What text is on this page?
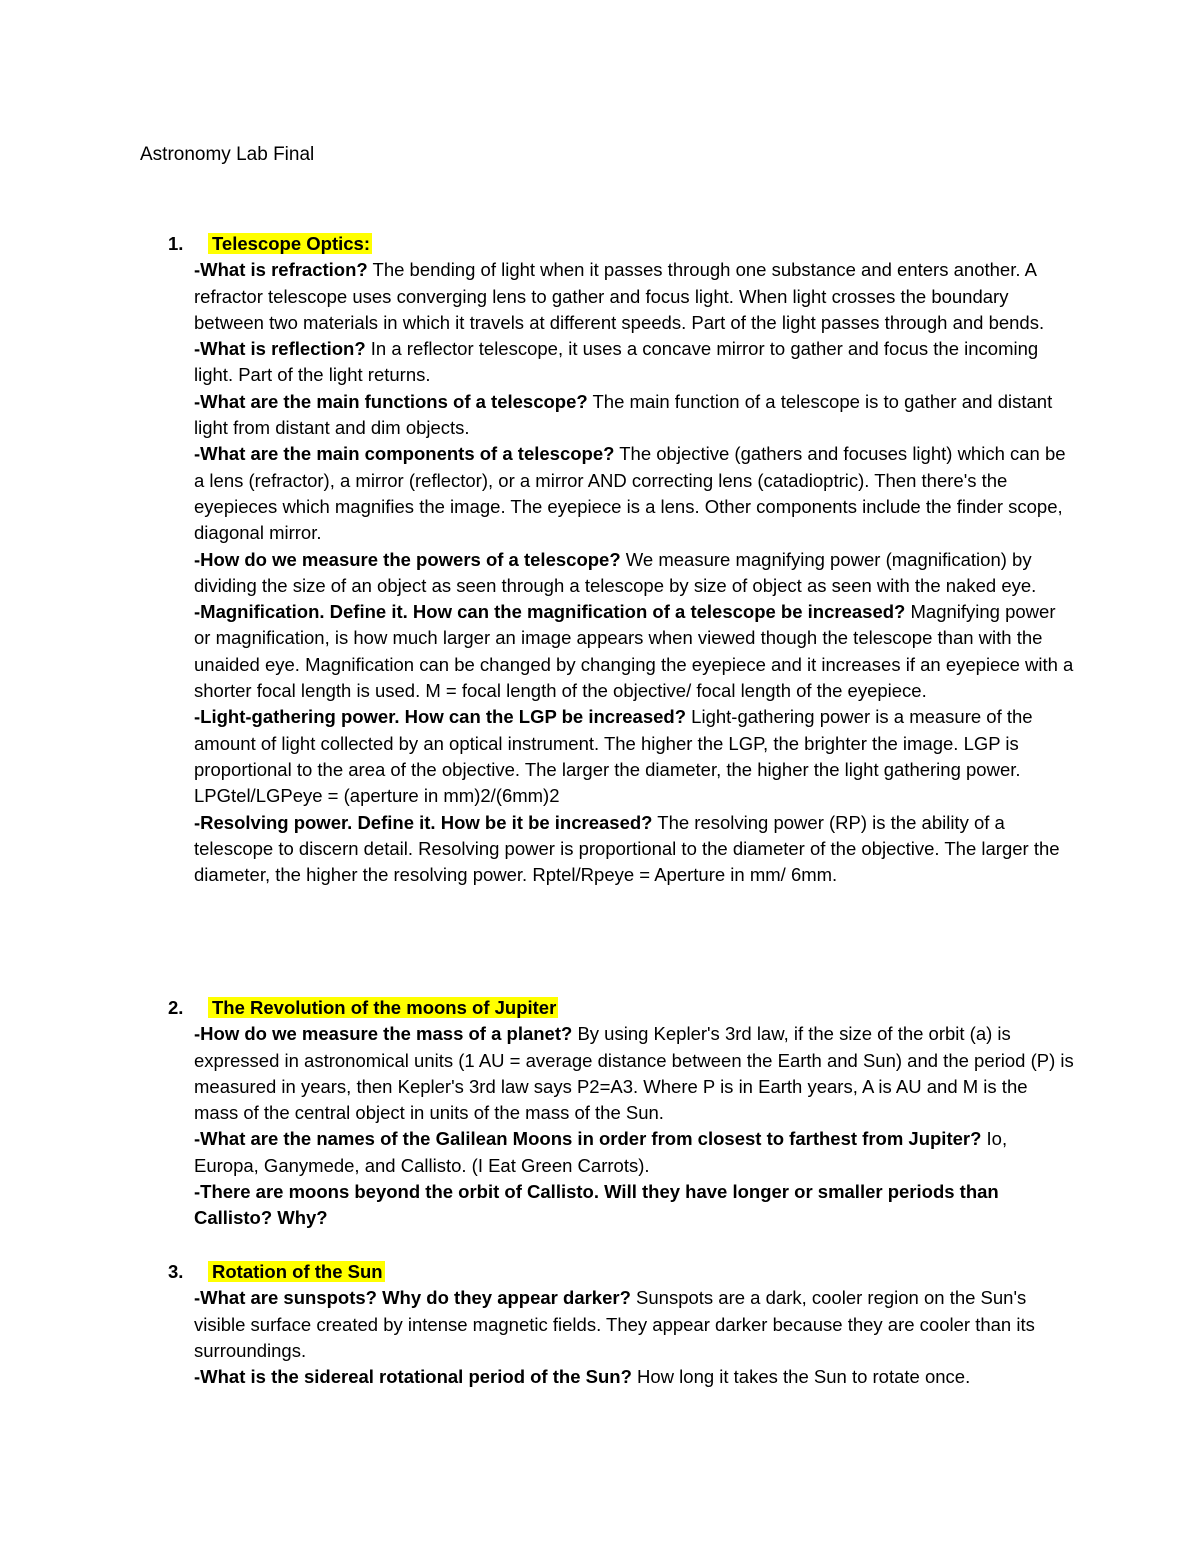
Astronomy Lab Final
1. Telescope Optics:
-What is refraction? The bending of light when it passes through one substance and enters another. A refractor telescope uses converging lens to gather and focus light. When light crosses the boundary between two materials in which it travels at different speeds. Part of the light passes through and bends.
-What is reflection? In a reflector telescope, it uses a concave mirror to gather and focus the incoming light. Part of the light returns.
-What are the main functions of a telescope? The main function of a telescope is to gather and distant light from distant and dim objects.
-What are the main components of a telescope? The objective (gathers and focuses light) which can be a lens (refractor), a mirror (reflector), or a mirror AND correcting lens (catadioptric). Then there's the eyepieces which magnifies the image. The eyepiece is a lens. Other components include the finder scope, diagonal mirror.
-How do we measure the powers of a telescope? We measure magnifying power (magnification) by dividing the size of an object as seen through a telescope by size of object as seen with the naked eye.
-Magnification. Define it. How can the magnification of a telescope be increased? Magnifying power or magnification, is how much larger an image appears when viewed though the telescope than with the unaided eye. Magnification can be changed by changing the eyepiece and it increases if an eyepiece with a shorter focal length is used. M = focal length of the objective/ focal length of the eyepiece.
-Light-gathering power. How can the LGP be increased? Light-gathering power is a measure of the amount of light collected by an optical instrument. The higher the LGP, the brighter the image. LGP is proportional to the area of the objective. The larger the diameter, the higher the light gathering power. LPGtel/LGPeye = (aperture in mm)2/(6mm)2
-Resolving power. Define it. How be it be increased? The resolving power (RP) is the ability of a telescope to discern detail. Resolving power is proportional to the diameter of the objective. The larger the diameter, the higher the resolving power. Rptel/Rpeye = Aperture in mm/ 6mm.
2. The Revolution of the moons of Jupiter
-How do we measure the mass of a planet? By using Kepler's 3rd law, if the size of the orbit (a) is expressed in astronomical units (1 AU = average distance between the Earth and Sun) and the period (P) is measured in years, then Kepler's 3rd law says P2=A3. Where P is in Earth years, A is AU and M is the mass of the central object in units of the mass of the Sun.
-What are the names of the Galilean Moons in order from closest to farthest from Jupiter? Io, Europa, Ganymede, and Callisto. (I Eat Green Carrots).
-There are moons beyond the orbit of Callisto. Will they have longer or smaller periods than Callisto? Why?
3. Rotation of the Sun
-What are sunspots? Why do they appear darker? Sunspots are a dark, cooler region on the Sun's visible surface created by intense magnetic fields. They appear darker because they are cooler than its surroundings.
-What is the sidereal rotational period of the Sun? How long it takes the Sun to rotate once.
